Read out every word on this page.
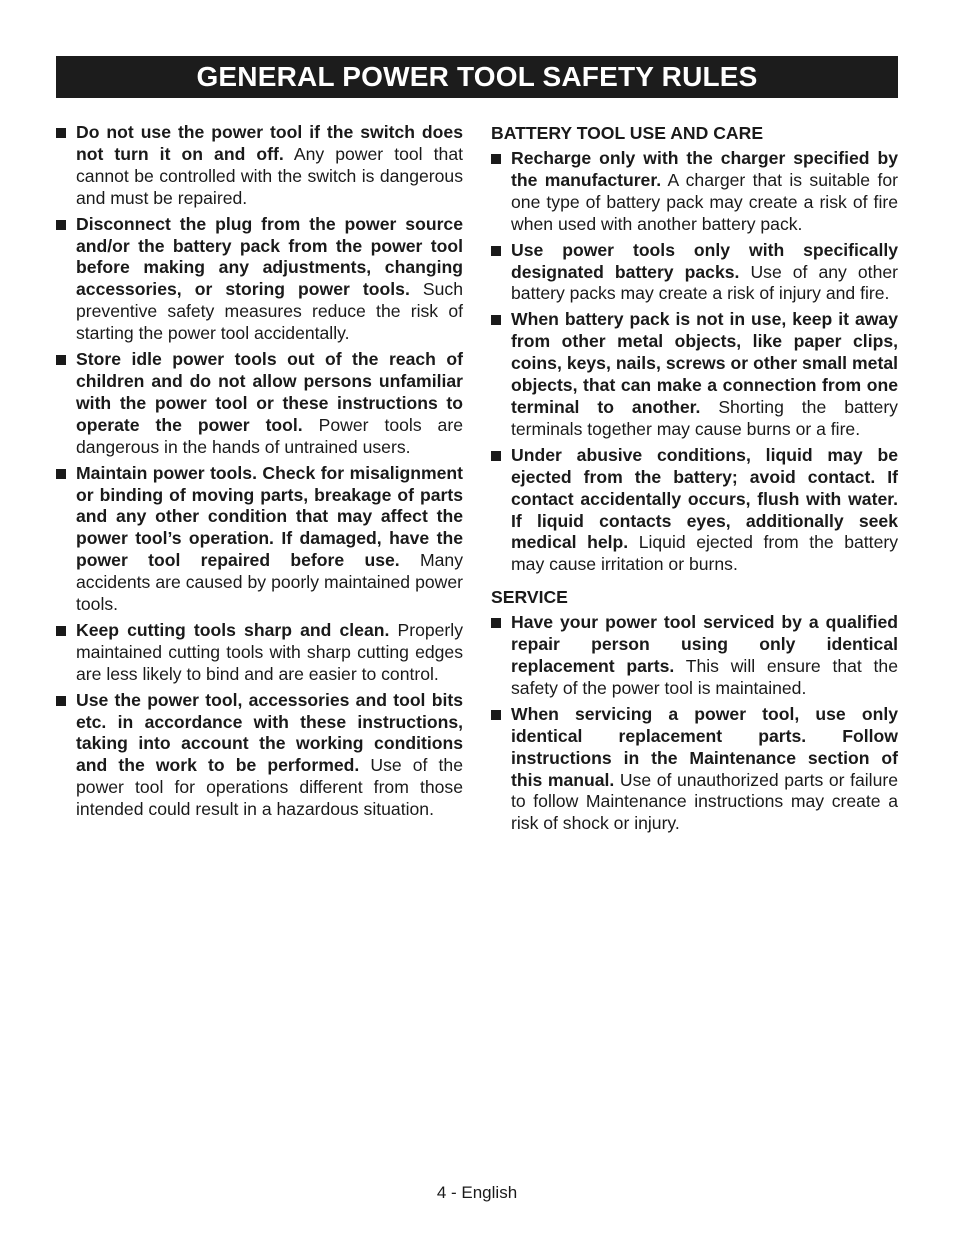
GENERAL POWER TOOL SAFETY RULES
Do not use the power tool if the switch does not turn it on and off. Any power tool that cannot be controlled with the switch is dangerous and must be repaired.
Disconnect the plug from the power source and/or the battery pack from the power tool before making any adjustments, changing accessories, or storing power tools. Such preventive safety measures reduce the risk of starting the power tool accidentally.
Store idle power tools out of the reach of children and do not allow persons unfamiliar with the power tool or these instructions to operate the power tool. Power tools are dangerous in the hands of untrained users.
Maintain power tools. Check for misalignment or binding of moving parts, breakage of parts and any other condition that may affect the power tool’s operation. If damaged, have the power tool repaired before use. Many accidents are caused by poorly maintained power tools.
Keep cutting tools sharp and clean. Properly maintained cutting tools with sharp cutting edges are less likely to bind and are easier to control.
Use the power tool, accessories and tool bits etc. in accordance with these instructions, taking into account the working conditions and the work to be performed. Use of the power tool for operations different from those intended could result in a hazardous situation.
BATTERY TOOL USE AND CARE
Recharge only with the charger specified by the manufacturer. A charger that is suitable for one type of battery pack may create a risk of fire when used with another battery pack.
Use power tools only with specifically designated battery packs. Use of any other battery packs may create a risk of injury and fire.
When battery pack is not in use, keep it away from other metal objects, like paper clips, coins, keys, nails, screws or other small metal objects, that can make a connection from one terminal to another. Shorting the battery terminals together may cause burns or a fire.
Under abusive conditions, liquid may be ejected from the battery; avoid contact. If contact accidentally occurs, flush with water. If liquid contacts eyes, additionally seek medical help. Liquid ejected from the battery may cause irritation or burns.
SERVICE
Have your power tool serviced by a qualified repair person using only identical replacement parts. This will ensure that the safety of the power tool is maintained.
When servicing a power tool, use only identical replacement parts. Follow instructions in the Maintenance section of this manual. Use of unauthorized parts or failure to follow Maintenance instructions may create a risk of shock or injury.
4 - English
